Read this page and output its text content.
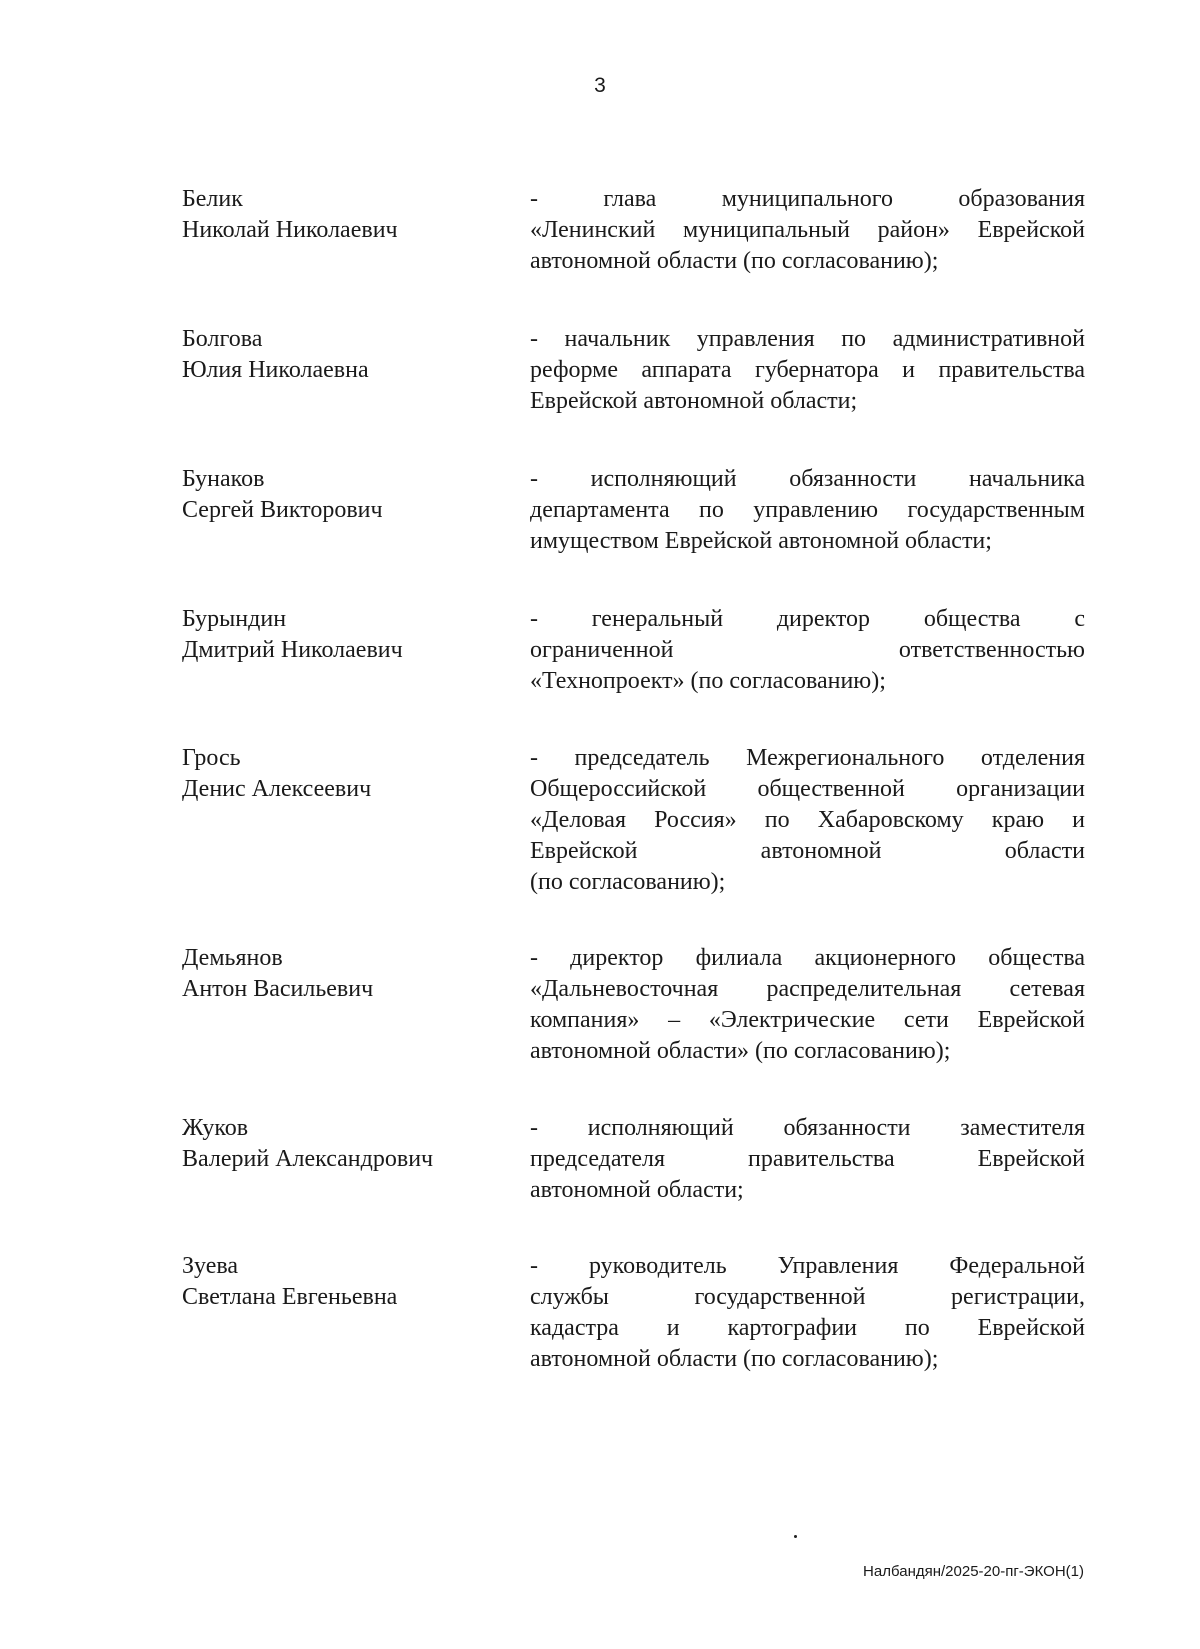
3
Белик
Николай Николаевич
- глава муниципального образования
«Ленинский муниципальный район» Еврейской
автономной области (по согласованию);
Болгова
Юлия Николаевна
- начальник управления по административной
реформе аппарата губернатора и правительства
Еврейской автономной области;
Бунаков
Сергей Викторович
- исполняющий обязанности начальника
департамента по управлению государственным
имуществом Еврейской автономной области;
Бурындин
Дмитрий Николаевич
- генеральный директор общества с
ограниченной ответственностью
«Технопроект» (по согласованию);
Грось
Денис Алексеевич
- председатель Межрегионального отделения
Общероссийской общественной организации
«Деловая Россия» по Хабаровскому краю и
Еврейской автономной области
(по согласованию);
Демьянов
Антон Васильевич
- директор филиала акционерного общества
«Дальневосточная распределительная сетевая
компания» – «Электрические сети Еврейской
автономной области» (по согласованию);
Жуков
Валерий Александрович
- исполняющий обязанности заместителя
председателя правительства Еврейской
автономной области;
Зуева
Светлана Евгеньевна
- руководитель Управления Федеральной
службы государственной регистрации,
кадастра и картографии по Еврейской
автономной области (по согласованию);
Налбандян/2025-20-пг-ЭКОН(1)
